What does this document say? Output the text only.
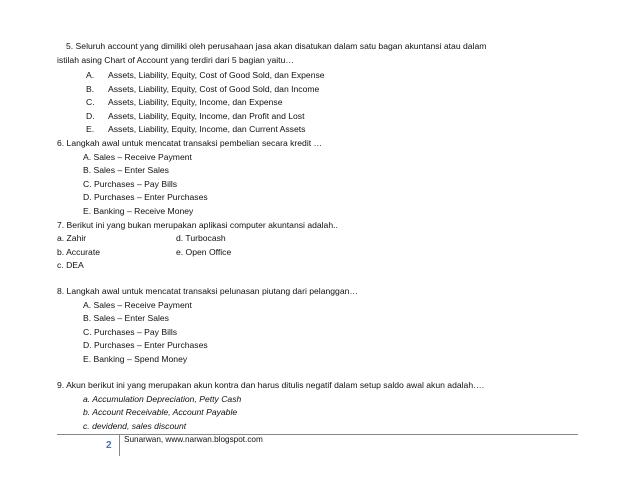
5. Seluruh account yang dimiliki oleh perusahaan jasa akan disatukan dalam satu bagan akuntansi atau dalam
istilah asing Chart of Account yang terdiri dari 5 bagian yaitu…
A. Assets, Liability, Equity, Cost of Good Sold, dan Expense
B. Assets, Liability, Equity, Cost of Good Sold, dan Income
C. Assets, Liability, Equity, Income, dan Expense
D. Assets, Liability, Equity, Income, dan Profit and Lost
E. Assets, Liability, Equity, Income, dan Current Assets
6. Langkah awal untuk mencatat transaksi pembelian secara kredit …
A. Sales – Receive Payment
B. Sales – Enter Sales
C. Purchases – Pay Bills
D. Purchases – Enter Purchases
E. Banking – Receive Money
7. Berikut ini yang bukan merupakan aplikasi computer akuntansi adalah..
a. Zahir	d. Turbocash
b. Accurate	e. Open Office
c. DEA
8. Langkah awal untuk mencatat transaksi pelunasan piutang dari pelanggan…
A. Sales – Receive Payment
B. Sales – Enter Sales
C. Purchases – Pay Bills
D. Purchases – Enter Purchases
E. Banking – Spend Money
9. Akun berikut ini yang merupakan akun kontra dan harus ditulis negatif dalam setup saldo awal akun adalah….
a. Accumulation Depreciation, Petty Cash
b. Account Receivable, Account Payable
c. devidend, sales discount
2
Sunarwan, www.narwan.blogspot.com
